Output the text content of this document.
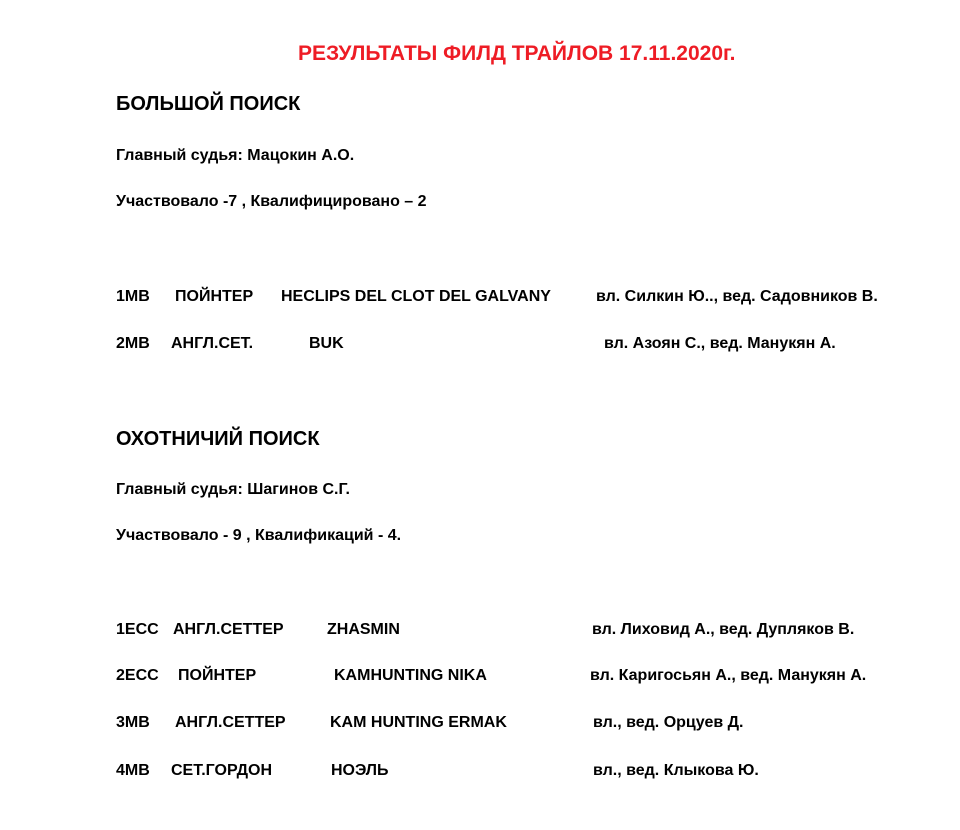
РЕЗУЛЬТАТЫ ФИЛД ТРАЙЛОВ 17.11.2020г.
БОЛЬШОЙ ПОИСК
Главный судья: Мацокин А.О.
Участвовало -7 , Квалифицировано – 2
1МВ ПОЙНТЕР HECLIPS DEL CLOT DEL GALVANY	вл. Силкин Ю.., вед. Садовников В.
2МВ АНГЛ.СЕТ.	BUK	вл. Азоян С., вед. Манукян А.
ОХОТНИЧИЙ ПОИСК
Главный судья: Шагинов С.Г.
Участвовало - 9 , Квалификаций - 4.
1ЕСС АНГЛ.СЕТТЕР	ZHASMIN	вл. Лиховид А., вед. Дупляков В.
2ЕСС ПОЙНТЕР	KAMHUNTING NIKA	вл. Каригосьян А., вед. Манукян А.
3МВ АНГЛ.СЕТТЕР	KAM HUNTING ERMAK	вл., вед. Орцуев Д.
4МВ СЕТ.ГОРДОН	НОЭЛЬ	вл., вед. Клыкова Ю.
